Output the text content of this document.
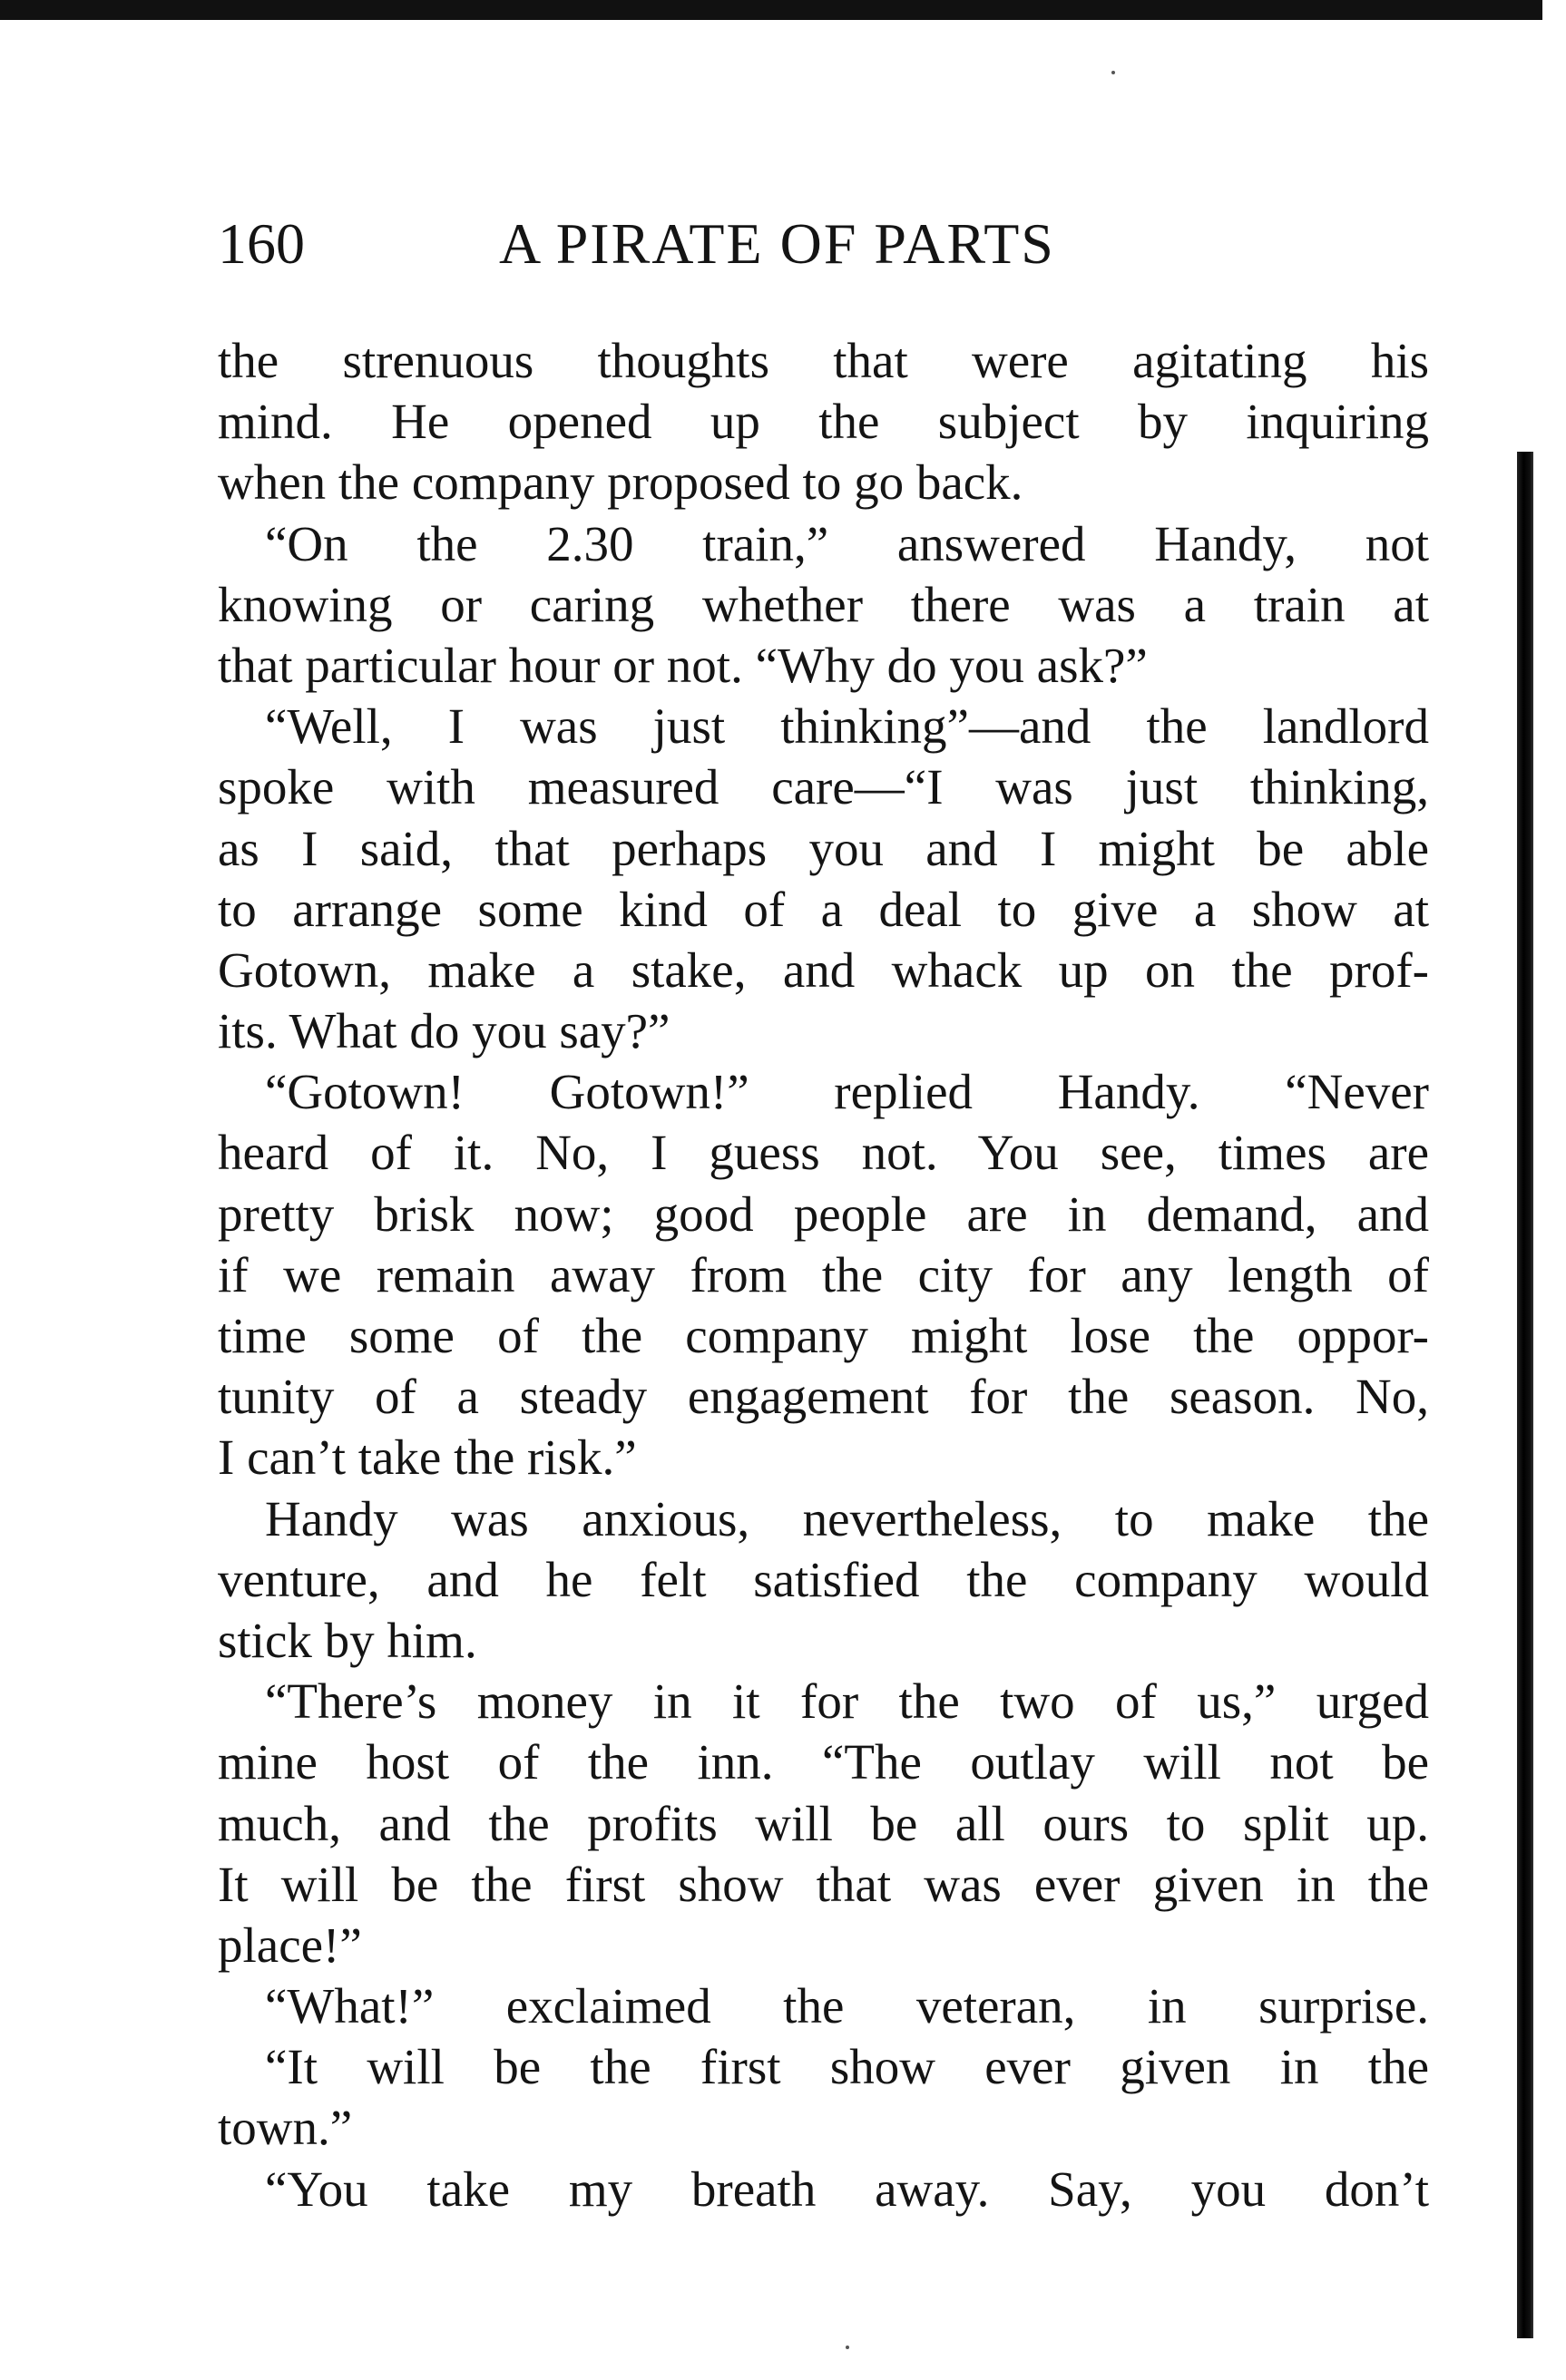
160	A PIRATE OF PARTS
the strenuous thoughts that were agitating his
mind. He opened up the subject by inquiring
when the company proposed to go back.
“On the 2.30 train,” answered Handy, not
knowing or caring whether there was a train at
that particular hour or not. “Why do you ask?”
“Well, I was just thinking”—and the landlord
spoke with measured care—“I was just thinking,
as I said, that perhaps you and I might be able
to arrange some kind of a deal to give a show at
Gotown, make a stake, and whack up on the prof-
its. What do you say?”
“Gotown! Gotown!” replied Handy. “Never
heard of it. No, I guess not. You see, times are
pretty brisk now; good people are in demand, and
if we remain away from the city for any length of
time some of the company might lose the oppor-
tunity of a steady engagement for the season. No,
I can’t take the risk.”
Handy was anxious, nevertheless, to make the
venture, and he felt satisfied the company would
stick by him.
“There’s money in it for the two of us,” urged
mine host of the inn. “The outlay will not be
much, and the profits will be all ours to split up.
It will be the first show that was ever given in the
place!”
“What!” exclaimed the veteran, in surprise.
“It will be the first show ever given in the
town.”
“You take my breath away. Say, you don’t
